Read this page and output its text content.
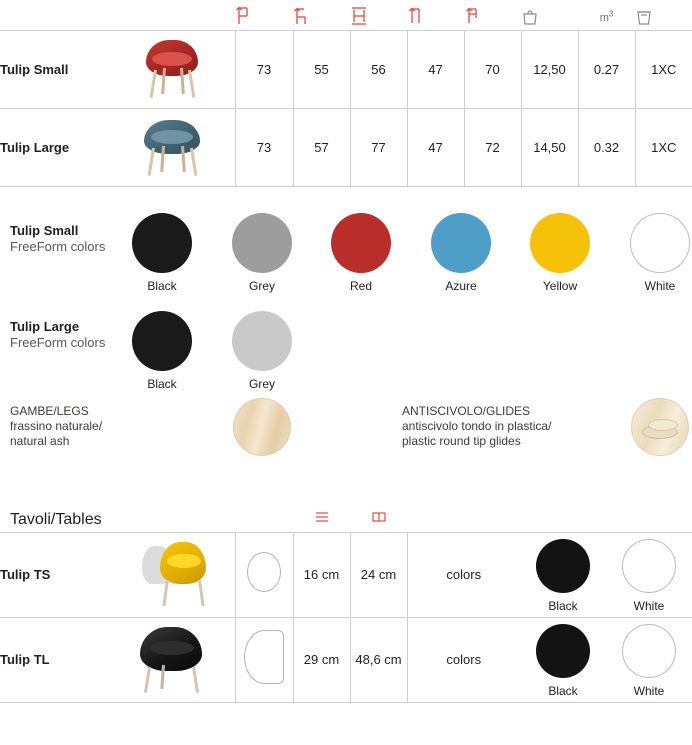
	$m^3$	

Tulip Small		73	55	56	47	70	12,50	0.27	1XC
Tulip Large		73	57	77	47	72	14,50	0.32	1XC
Tulip Small
FreeForm colors
Black	Grey	Red	Azure	Yellow	White
Tulip Large
FreeForm colors
Black	Grey
GAMBE/LEGS
frassino naturale/
natural ash
ANTISCIVOLO/GLIDES
antiscivolo tondo in plastica/
plastic round tip glides
Tavoli/Tables			

Tulip TS			16 cm	24 cm	colors	Black	White

Tulip TL			29 cm	48,6 cm	colors	Black	White
